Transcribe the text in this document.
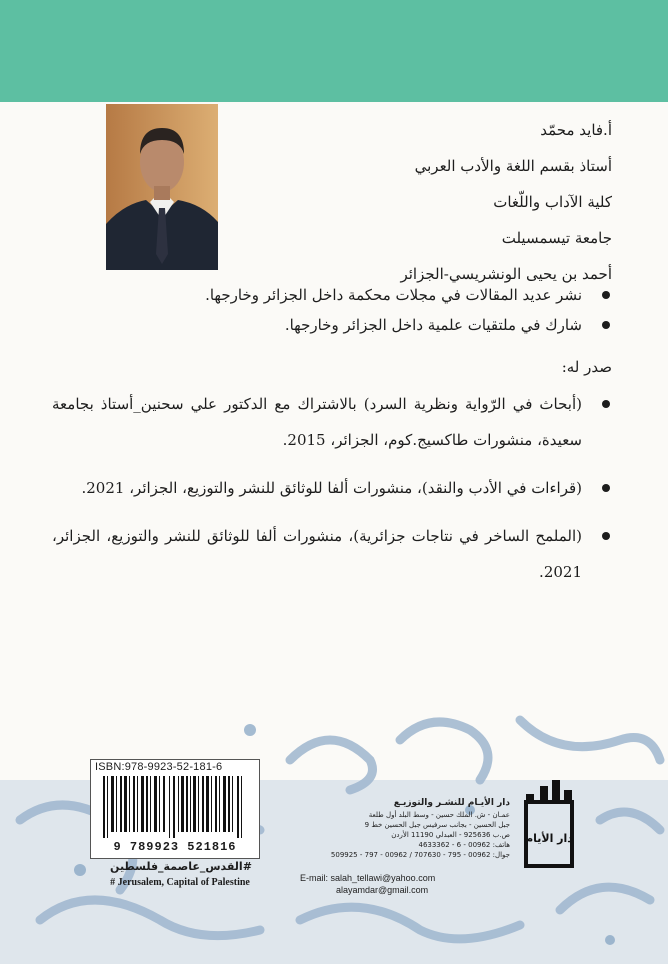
أ.فايد محمّد
أستاذ بقسم اللغة والأدب العربي
كلية الآداب واللّغات
جامعة تيسمسيلت
أحمد بن يحيى الونشريسي-الجزائر
نشر عديد المقالات في مجلات محكمة داخل الجزائر وخارجها.
شارك في ملتقيات علمية داخل الجزائر وخارجها.
صدر له:
(أبحاث في الرّواية ونظرية السرد) بالاشتراك مع الدكتور علي سحنين_أستاذ بجامعة سعيدة، منشورات طاكسيج.كوم، الجزائر، 2015.
(قراءات في الأدب والنقد)، منشورات ألفا للوثائق للنشر والتوزيع، الجزائر، 2021.
(الملمح الساخر في نتاجات جزائرية)، منشورات ألفا للوثائق للنشر والتوزيع، الجزائر، 2021.
ISBN:978-9923-52-181-6
9 789923 521816
#القدس_عاصمة_فلسطين
# Jerusalem, Capital of Palestine
دار الأيـام للنشـر والتوزيـع
عمـان - ش. الملك حسين - وسط البلد أول طلعة
جبل الحسين - بجانب سرفيس جبل الحسين خط 9
ص.ب 925636 - العبدلي 11190 الأردن
هاتف: 00962 - 6 - 4633362
جوال: 00962 - 795 - 707630 / 00962 - 797 - 509925
E-mail: salah_tellawi@yahoo.com
alayamdar@gmail.com
دار الأيام
